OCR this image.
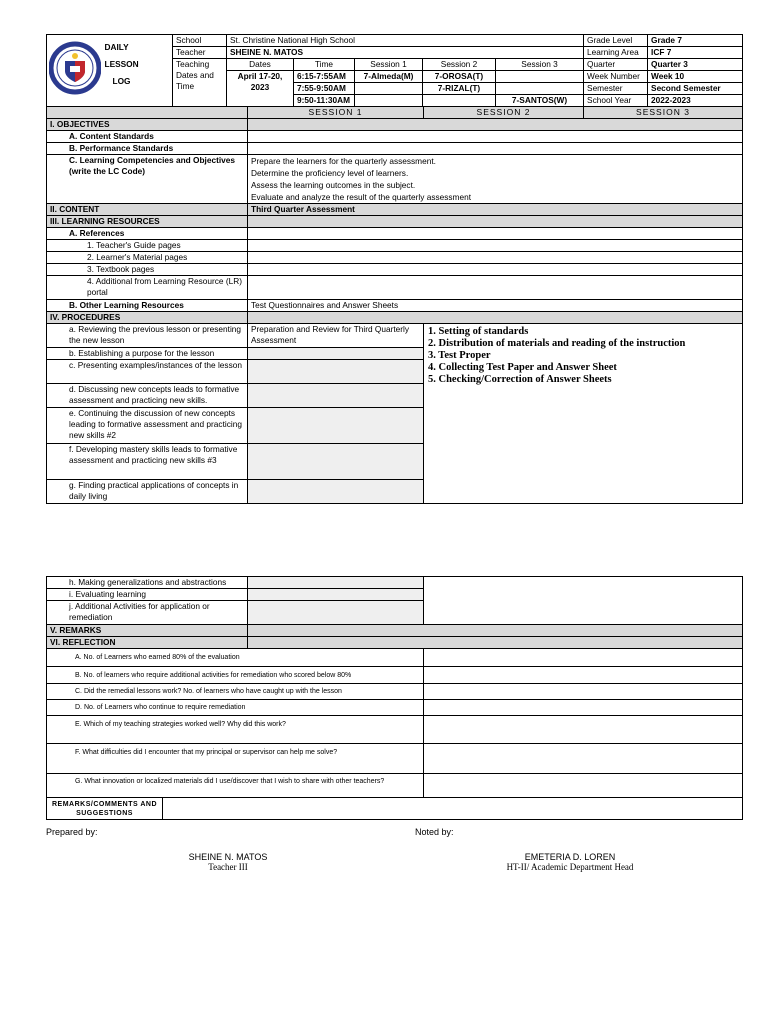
DAILY
LESSON
LOG	School	St. Christine National High School					Grade Level	Grade 7
		Teacher	SHEINE N. MATOS					Learning Area	ICF 7
		Teaching Dates and Time	Dates	Time	Session 1	Session 2	Session 3	Quarter	Quarter 3
			April 17-20, 2023	6:15-7:55AM	7-Almeda(M)	7-OROSA(T)		Week Number	Week 10
				7:55-9:50AM		7-RIZAL(T)		Semester	Second Semester
				9:50-11:30AM			7-SANTOS(W)	School Year	2022-2023
	SESSION 1	SESSION 2	SESSION 3
I. OBJECTIVES			
A. Content Standards			
B. Performance Standards			
C. Learning Competencies and Objectives (write the LC Code)	Prepare the learners for the quarterly assessment.
Determine the proficiency level of learners.
Assess the learning outcomes in the subject.
Evaluate and analyze the result of the quarterly assessment		

II. CONTENT	Third Quarter Assessment		
III. LEARNING RESOURCES			
A. References			
1. Teacher's Guide pages			
2. Learner's Material pages			
3. Textbook pages			
4. Additional from Learning Resource (LR) portal			
B. Other Learning Resources	Test Questionnaires and Answer Sheets		
IV. PROCEDURES			
a. Reviewing the previous lesson or presenting the new lesson	Preparation and Review for Third Quarterly Assessment	1. Setting of standards
2. Distribution of materials and reading of the instruction
3. Test Proper
4. Collecting Test Paper and Answer Sheet
5. Checking/Correction of Answer Sheets	

b. Establishing a purpose for the lesson			
c. Presenting examples/instances of the lesson			
d. Discussing new concepts leads to formative assessment and practicing new skills.			
e. Continuing the discussion of new concepts leading to formative assessment and practicing new skills #2			
f. Developing mastery skills leads to formative assessment and practicing new skills #3			
g. Finding practical applications of concepts in daily living			
h. Making generalizations and abstractions			
i. Evaluating learning			
j. Additional Activities for application or remediation			
V. REMARKS			
VI. REFLECTION			
A. No. of Learners who earned 80% of the evaluation			
B. No. of learners who require additional activities for remediation who scored below 80%			
C. Did the remedial lessons work? No. of learners who have caught up with the lesson			
D. No. of Learners who continue to require remediation			
E. Which of my teaching strategies worked well? Why did this work?			
F. What difficulties did I encounter that my principal or supervisor can help me solve?			
G. What innovation or localized materials did I use/discover that I wish to share with other teachers?			
REMARKS/COMMENTS AND SUGGESTIONS			
Prepared by:	Noted by:
SHEINE N. MATOS
Teacher III
EMETERIA D. LOREN
HT-II/ Academic Department Head
